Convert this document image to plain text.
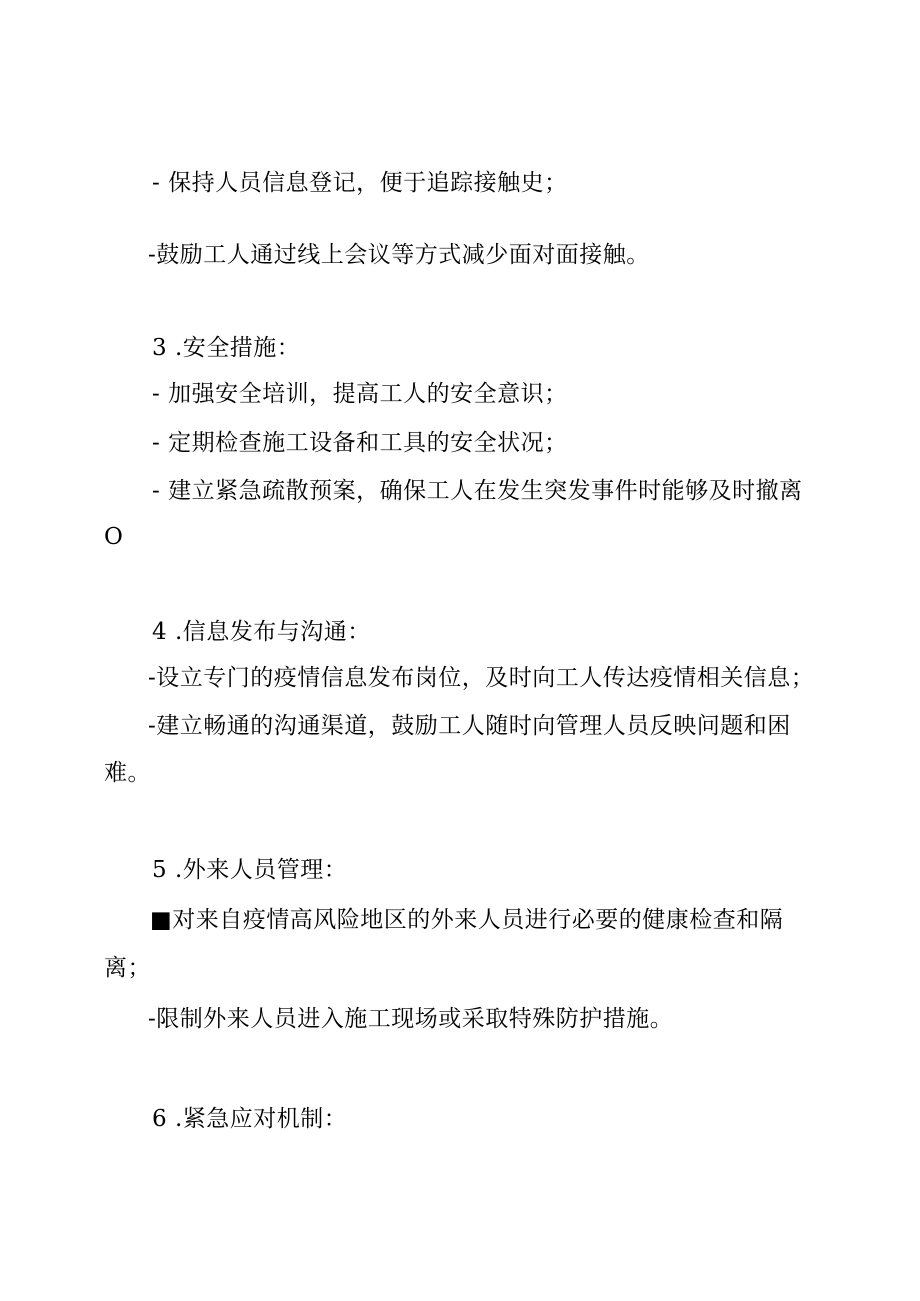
- 保持人员信息登记，便于追踪接触史；
-鼓励工人通过线上会议等方式减少面对面接触。
3 .安全措施：
- 加强安全培训，提高工人的安全意识；
- 定期检查施工设备和工具的安全状况；
- 建立紧急疏散预案，确保工人在发生突发事件时能够及时撤离
O
4 .信息发布与沟通：
-设立专门的疫情信息发布岗位，及时向工人传达疫情相关信息；
-建立畅通的沟通渠道，鼓励工人随时向管理人员反映问题和困
难。
5 .外来人员管理：
■对来自疫情高风险地区的外来人员进行必要的健康检查和隔
离；
-限制外来人员进入施工现场或采取特殊防护措施。
6 .紧急应对机制：
